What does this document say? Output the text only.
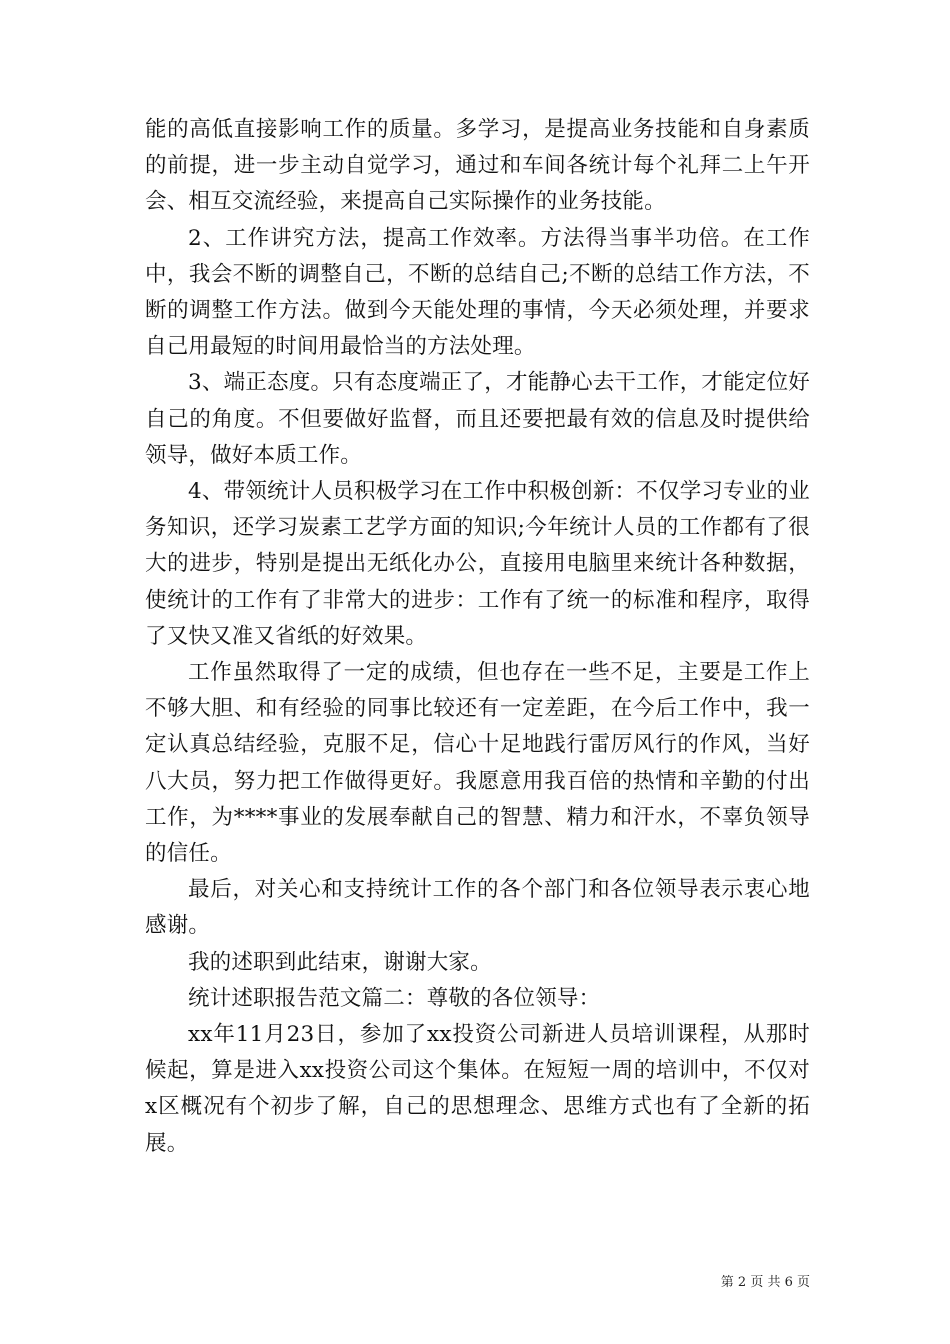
能的高低直接影响工作的质量。多学习，是提高业务技能和自身素质的前提，进一步主动自觉学习，通过和车间各统计每个礼拜二上午开会、相互交流经验，来提高自己实际操作的业务技能。

2、工作讲究方法，提高工作效率。方法得当事半功倍。在工作中，我会不断的调整自己，不断的总结自己;不断的总结工作方法，不断的调整工作方法。做到今天能处理的事情，今天必须处理，并要求自己用最短的时间用最恰当的方法处理。

3、端正态度。只有态度端正了，才能静心去干工作，才能定位好自己的角度。不但要做好监督，而且还要把最有效的信息及时提供给领导，做好本质工作。

4、带领统计人员积极学习在工作中积极创新：不仅学习专业的业务知识，还学习炭素工艺学方面的知识;今年统计人员的工作都有了很大的进步，特别是提出无纸化办公，直接用电脑里来统计各种数据，使统计的工作有了非常大的进步：工作有了统一的标准和程序，取得了又快又准又省纸的好效果。

工作虽然取得了一定的成绩，但也存在一些不足，主要是工作上不够大胆、和有经验的同事比较还有一定差距，在今后工作中，我一定认真总结经验，克服不足，信心十足地践行雷厉风行的作风，当好八大员，努力把工作做得更好。我愿意用我百倍的热情和辛勤的付出工作，为****事业的发展奉献自己的智慧、精力和汗水，不辜负领导的信任。

最后，对关心和支持统计工作的各个部门和各位领导表示衷心地感谢。

我的述职到此结束，谢谢大家。

统计述职报告范文篇二：尊敬的各位领导：

xx年11月23日，参加了xx投资公司新进人员培训课程，从那时候起，算是进入xx投资公司这个集体。在短短一周的培训中，不仅对x区概况有个初步了解，自己的思想理念、思维方式也有了全新的拓展。

第 2 页 共 6 页
